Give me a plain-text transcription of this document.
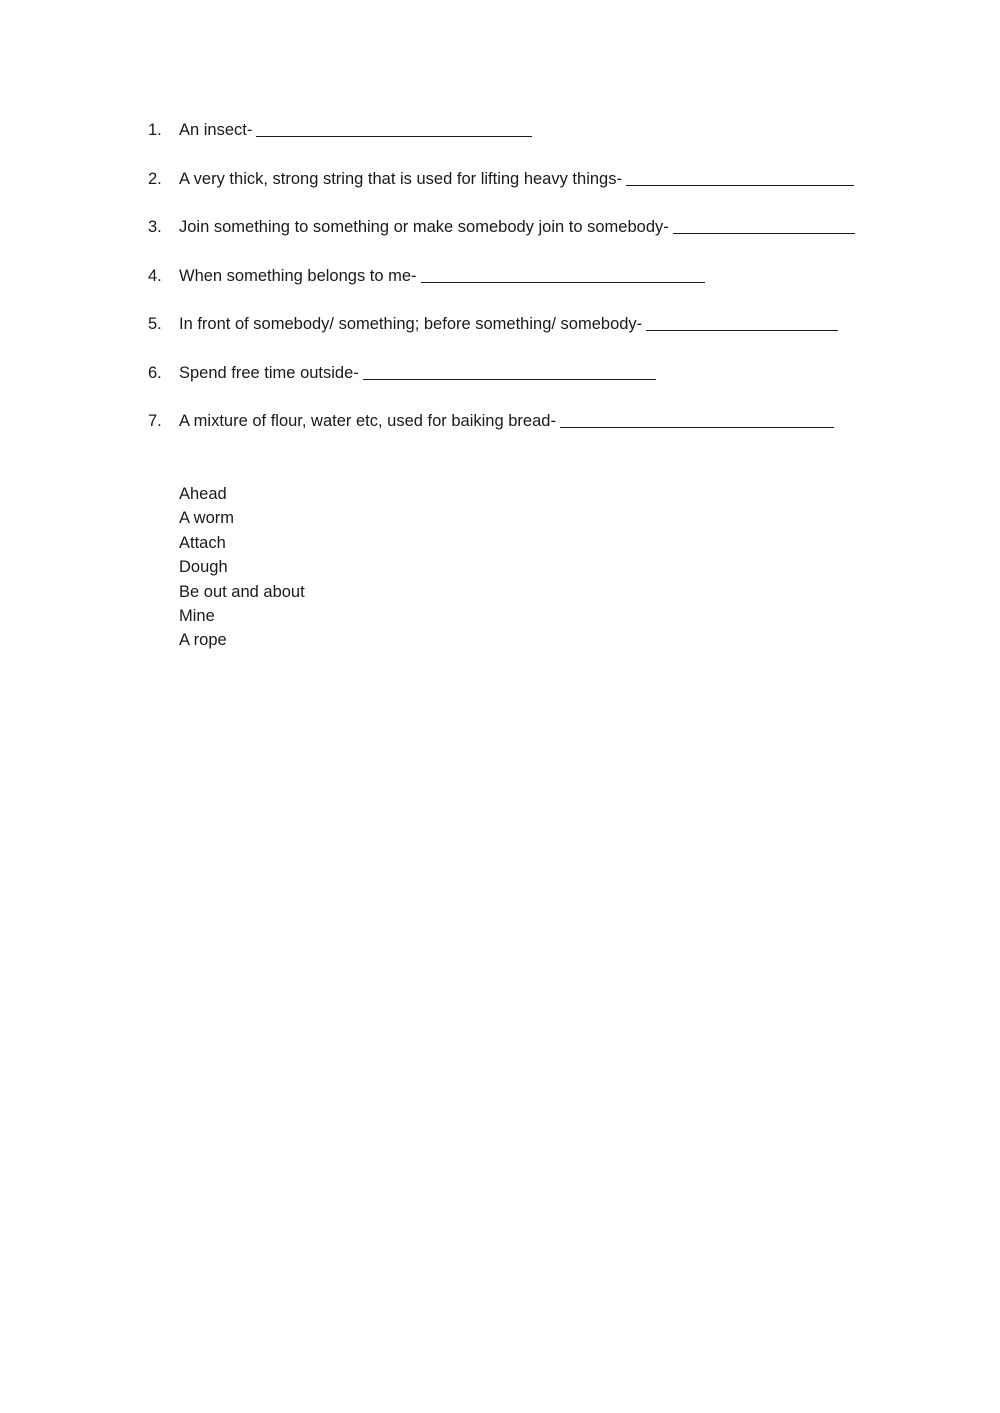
1.	An insect-
2.	A very thick, strong string that is used for lifting heavy things-
3.	Join something to something or make somebody join to somebody-
4.	When something belongs to me-
5.	In front of somebody/ something; before something/ somebody-
6.	Spend free time outside-
7.	A mixture of flour, water etc, used for baiking bread-
Ahead
A worm
Attach
Dough
Be out and about
Mine
A rope
